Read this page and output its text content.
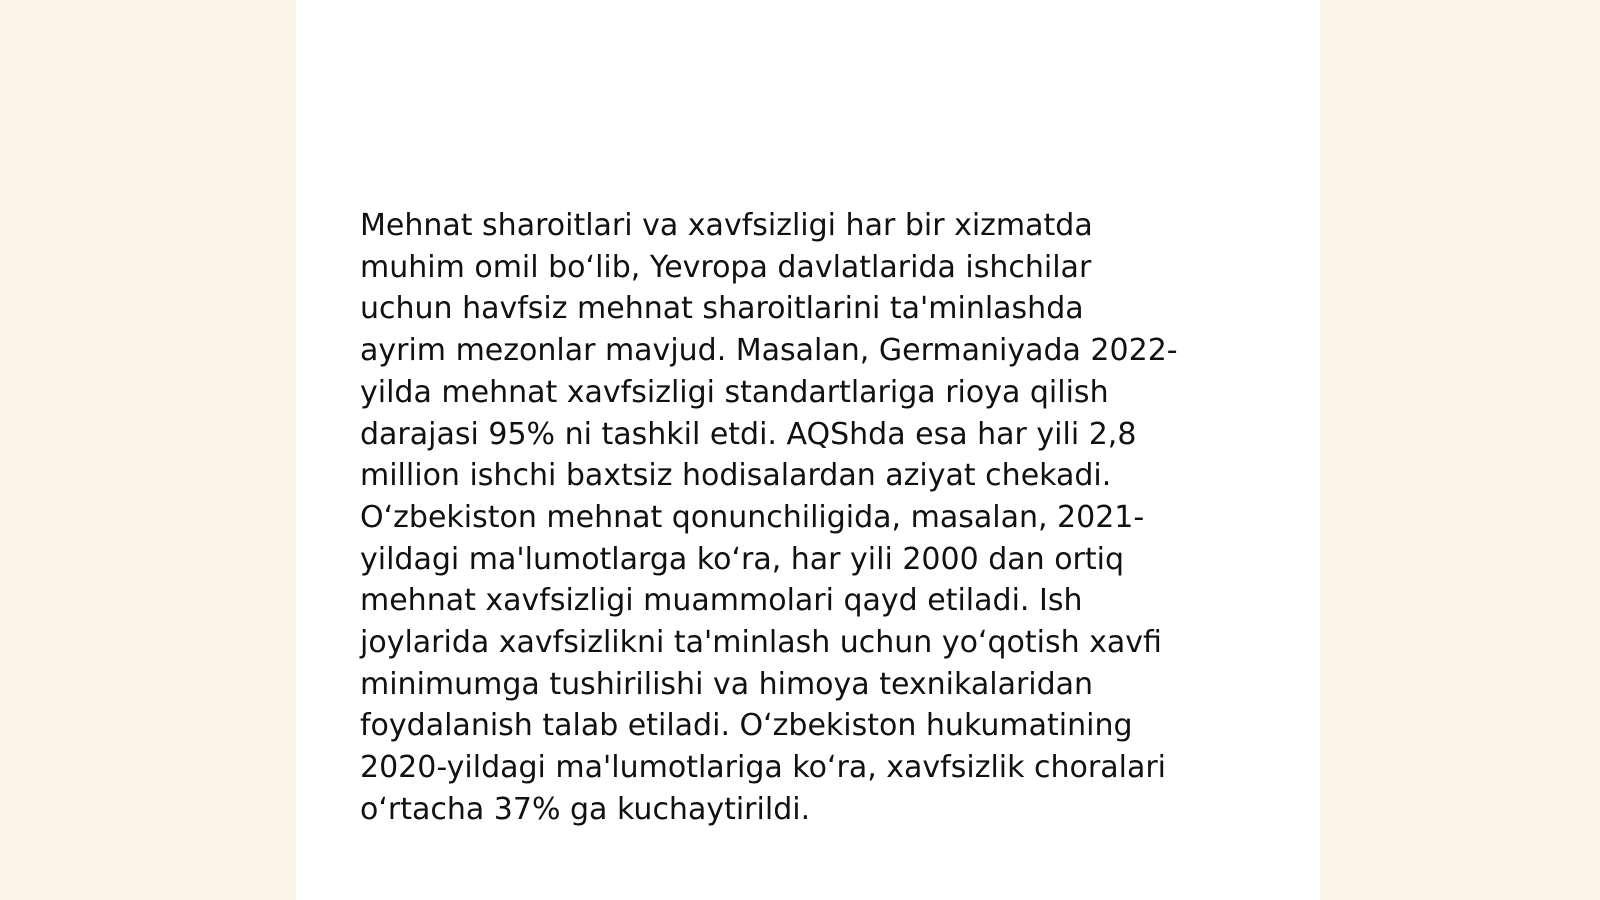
Mehnat sharoitlari va xavfsizligi har bir xizmatda
muhim omil bo‘lib, Yevropa davlatlarida ishchilar
uchun havfsiz mehnat sharoitlarini ta'minlashda
ayrim mezonlar mavjud. Masalan, Germaniyada 2022-
yilda mehnat xavfsizligi standartlariga rioya qilish
darajasi 95% ni tashkil etdi. AQShda esa har yili 2,8
million ishchi baxtsiz hodisalardan aziyat chekadi.
O‘zbekiston mehnat qonunchiligida, masalan, 2021-
yildagi ma'lumotlarga ko‘ra, har yili 2000 dan ortiq
mehnat xavfsizligi muammolari qayd etiladi. Ish
joylarida xavfsizlikni ta'minlash uchun yo‘qotish xavfi
minimumga tushirilishi va himoya texnikalaridan
foydalanish talab etiladi. O‘zbekiston hukumatining
2020-yildagi ma'lumotlariga ko‘ra, xavfsizlik choralari
o‘rtacha 37% ga kuchaytirildi.
